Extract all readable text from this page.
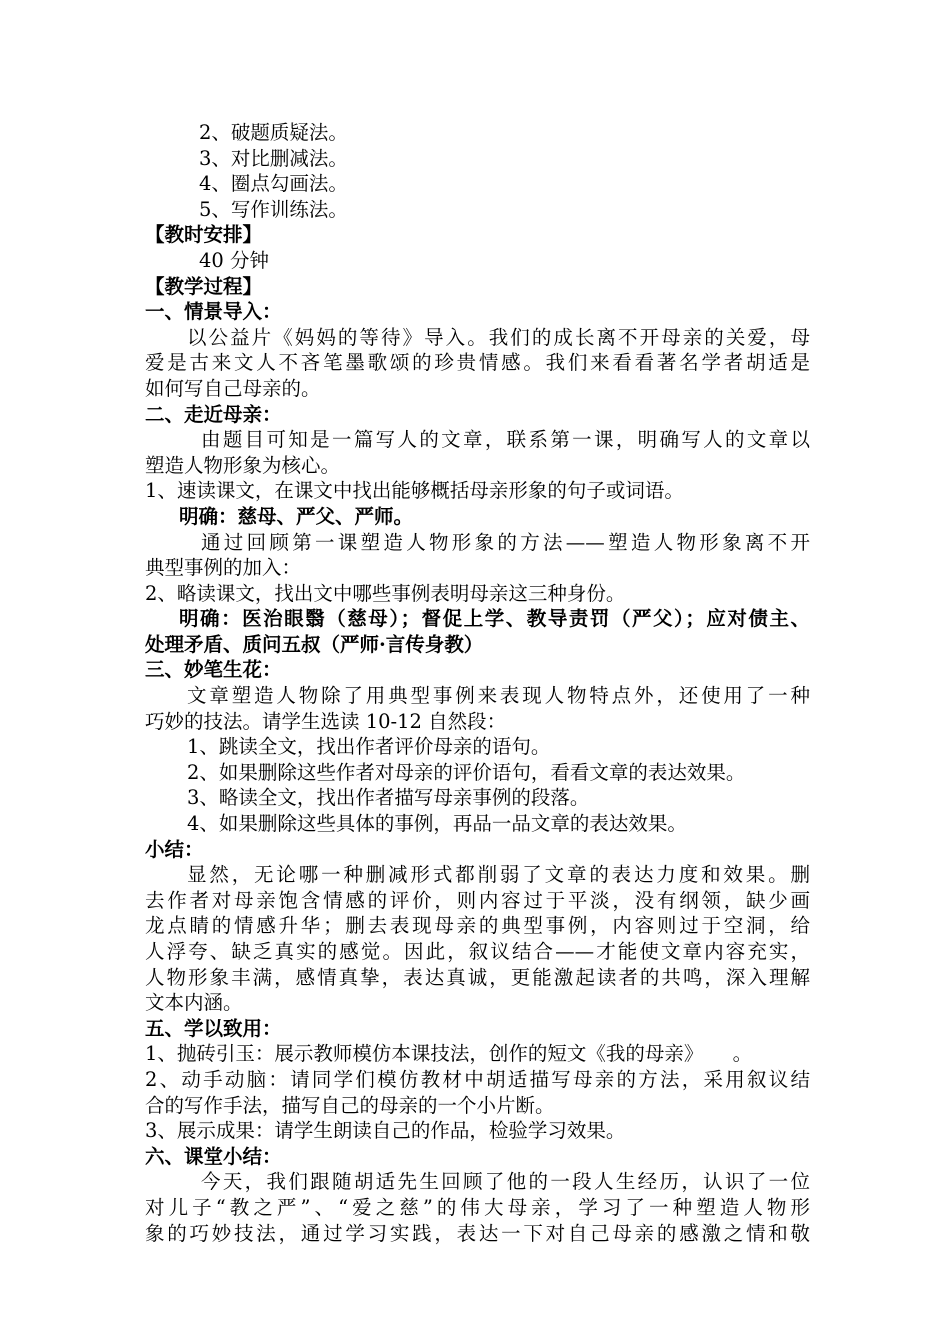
2、破题质疑法。
3、对比删减法。
4、圈点勾画法。
5、写作训练法。
【教时安排】
40 分钟
【教学过程】
一、情景导入：
以公益片《妈妈的等待》导入。我们的成长离不开母亲的关爱，母
爱是古来文人不吝笔墨歌颂的珍贵情感。我们来看看著名学者胡适是
如何写自己母亲的。
二、走近母亲：
由题目可知是一篇写人的文章，联系第一课，明确写人的文章以
塑造人物形象为核心。
1、速读课文，在课文中找出能够概括母亲形象的句子或词语。
明确：慈母、严父、严师。
通过回顾第一课塑造人物形象的方法——塑造人物形象离不开
典型事例的加入：
2、略读课文，找出文中哪些事例表明母亲这三种身份。
明确：医治眼翳（慈母）；督促上学、教导责罚（严父）；应对债主、
处理矛盾、质问五叔（严师·言传身教）
三、妙笔生花：
文章塑造人物除了用典型事例来表现人物特点外，还使用了一种
巧妙的技法。请学生选读 10-12 自然段：
1、跳读全文，找出作者评价母亲的语句。
2、如果删除这些作者对母亲的评价语句，看看文章的表达效果。
3、略读全文，找出作者描写母亲事例的段落。
4、如果删除这些具体的事例，再品一品文章的表达效果。
小结：
显然，无论哪一种删减形式都削弱了文章的表达力度和效果。删
去作者对母亲饱含情感的评价，则内容过于平淡，没有纲领，缺少画
龙点睛的情感升华；删去表现母亲的典型事例，内容则过于空洞，给
人浮夸、缺乏真实的感觉。因此，叙议结合——才能使文章内容充实，
人物形象丰满，感情真挚，表达真诚，更能激起读者的共鸣，深入理解
文本内涵。
五、学以致用：
1、抛砖引玉：展示教师模仿本课技法，创作的短文《我的母亲》　　。
2、动手动脑：请同学们模仿教材中胡适描写母亲的方法，采用叙议结
合的写作手法，描写自己的母亲的一个小片断。
3、展示成果：请学生朗读自己的作品，检验学习效果。
六、课堂小结：
今天，我们跟随胡适先生回顾了他的一段人生经历，认识了一位
对儿子“教之严”、“爱之慈”的伟大母亲，学习了一种塑造人物形
象的巧妙技法，通过学习实践，表达一下对自己母亲的感激之情和敬
